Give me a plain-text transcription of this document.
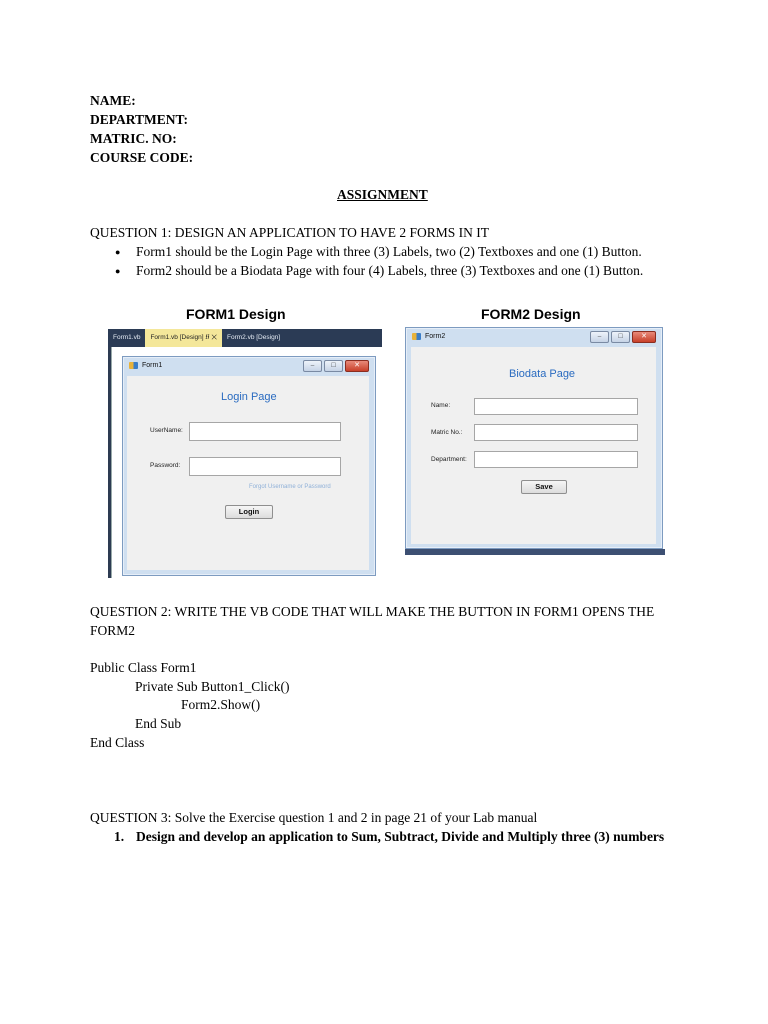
NAME:
DEPARTMENT:
MATRIC. NO:
COURSE CODE:
ASSIGNMENT
QUESTION 1: DESIGN AN APPLICATION TO HAVE 2 FORMS IN IT
● Form1 should be the Login Page with three (3) Labels, two (2) Textboxes and one (1) Button.
● Form2 should be a Biodata Page with four (4) Labels, three (3) Textboxes and one (1) Button.
FORM1 Design	FORM2 Design
Form1.vb	Form1.vb [Design] ⭿ ✕	Form2.vb [Design]
Form1	–	□	✕
Login Page
UserName:
Password:
Forgot Username or Password
Login
Form2	–	□	✕
Biodata Page
Name:
Matric No.:
Department:
Save
QUESTION 2: WRITE THE VB CODE THAT WILL MAKE THE BUTTON IN FORM1 OPENS THE
FORM2
Public Class Form1
Private Sub Button1_Click()
Form2.Show()
End Sub
End Class
QUESTION 3: Solve the Exercise question 1 and 2 in page 21 of your Lab manual
1. Design and develop an application to Sum, Subtract, Divide and Multiply three (3) numbers
